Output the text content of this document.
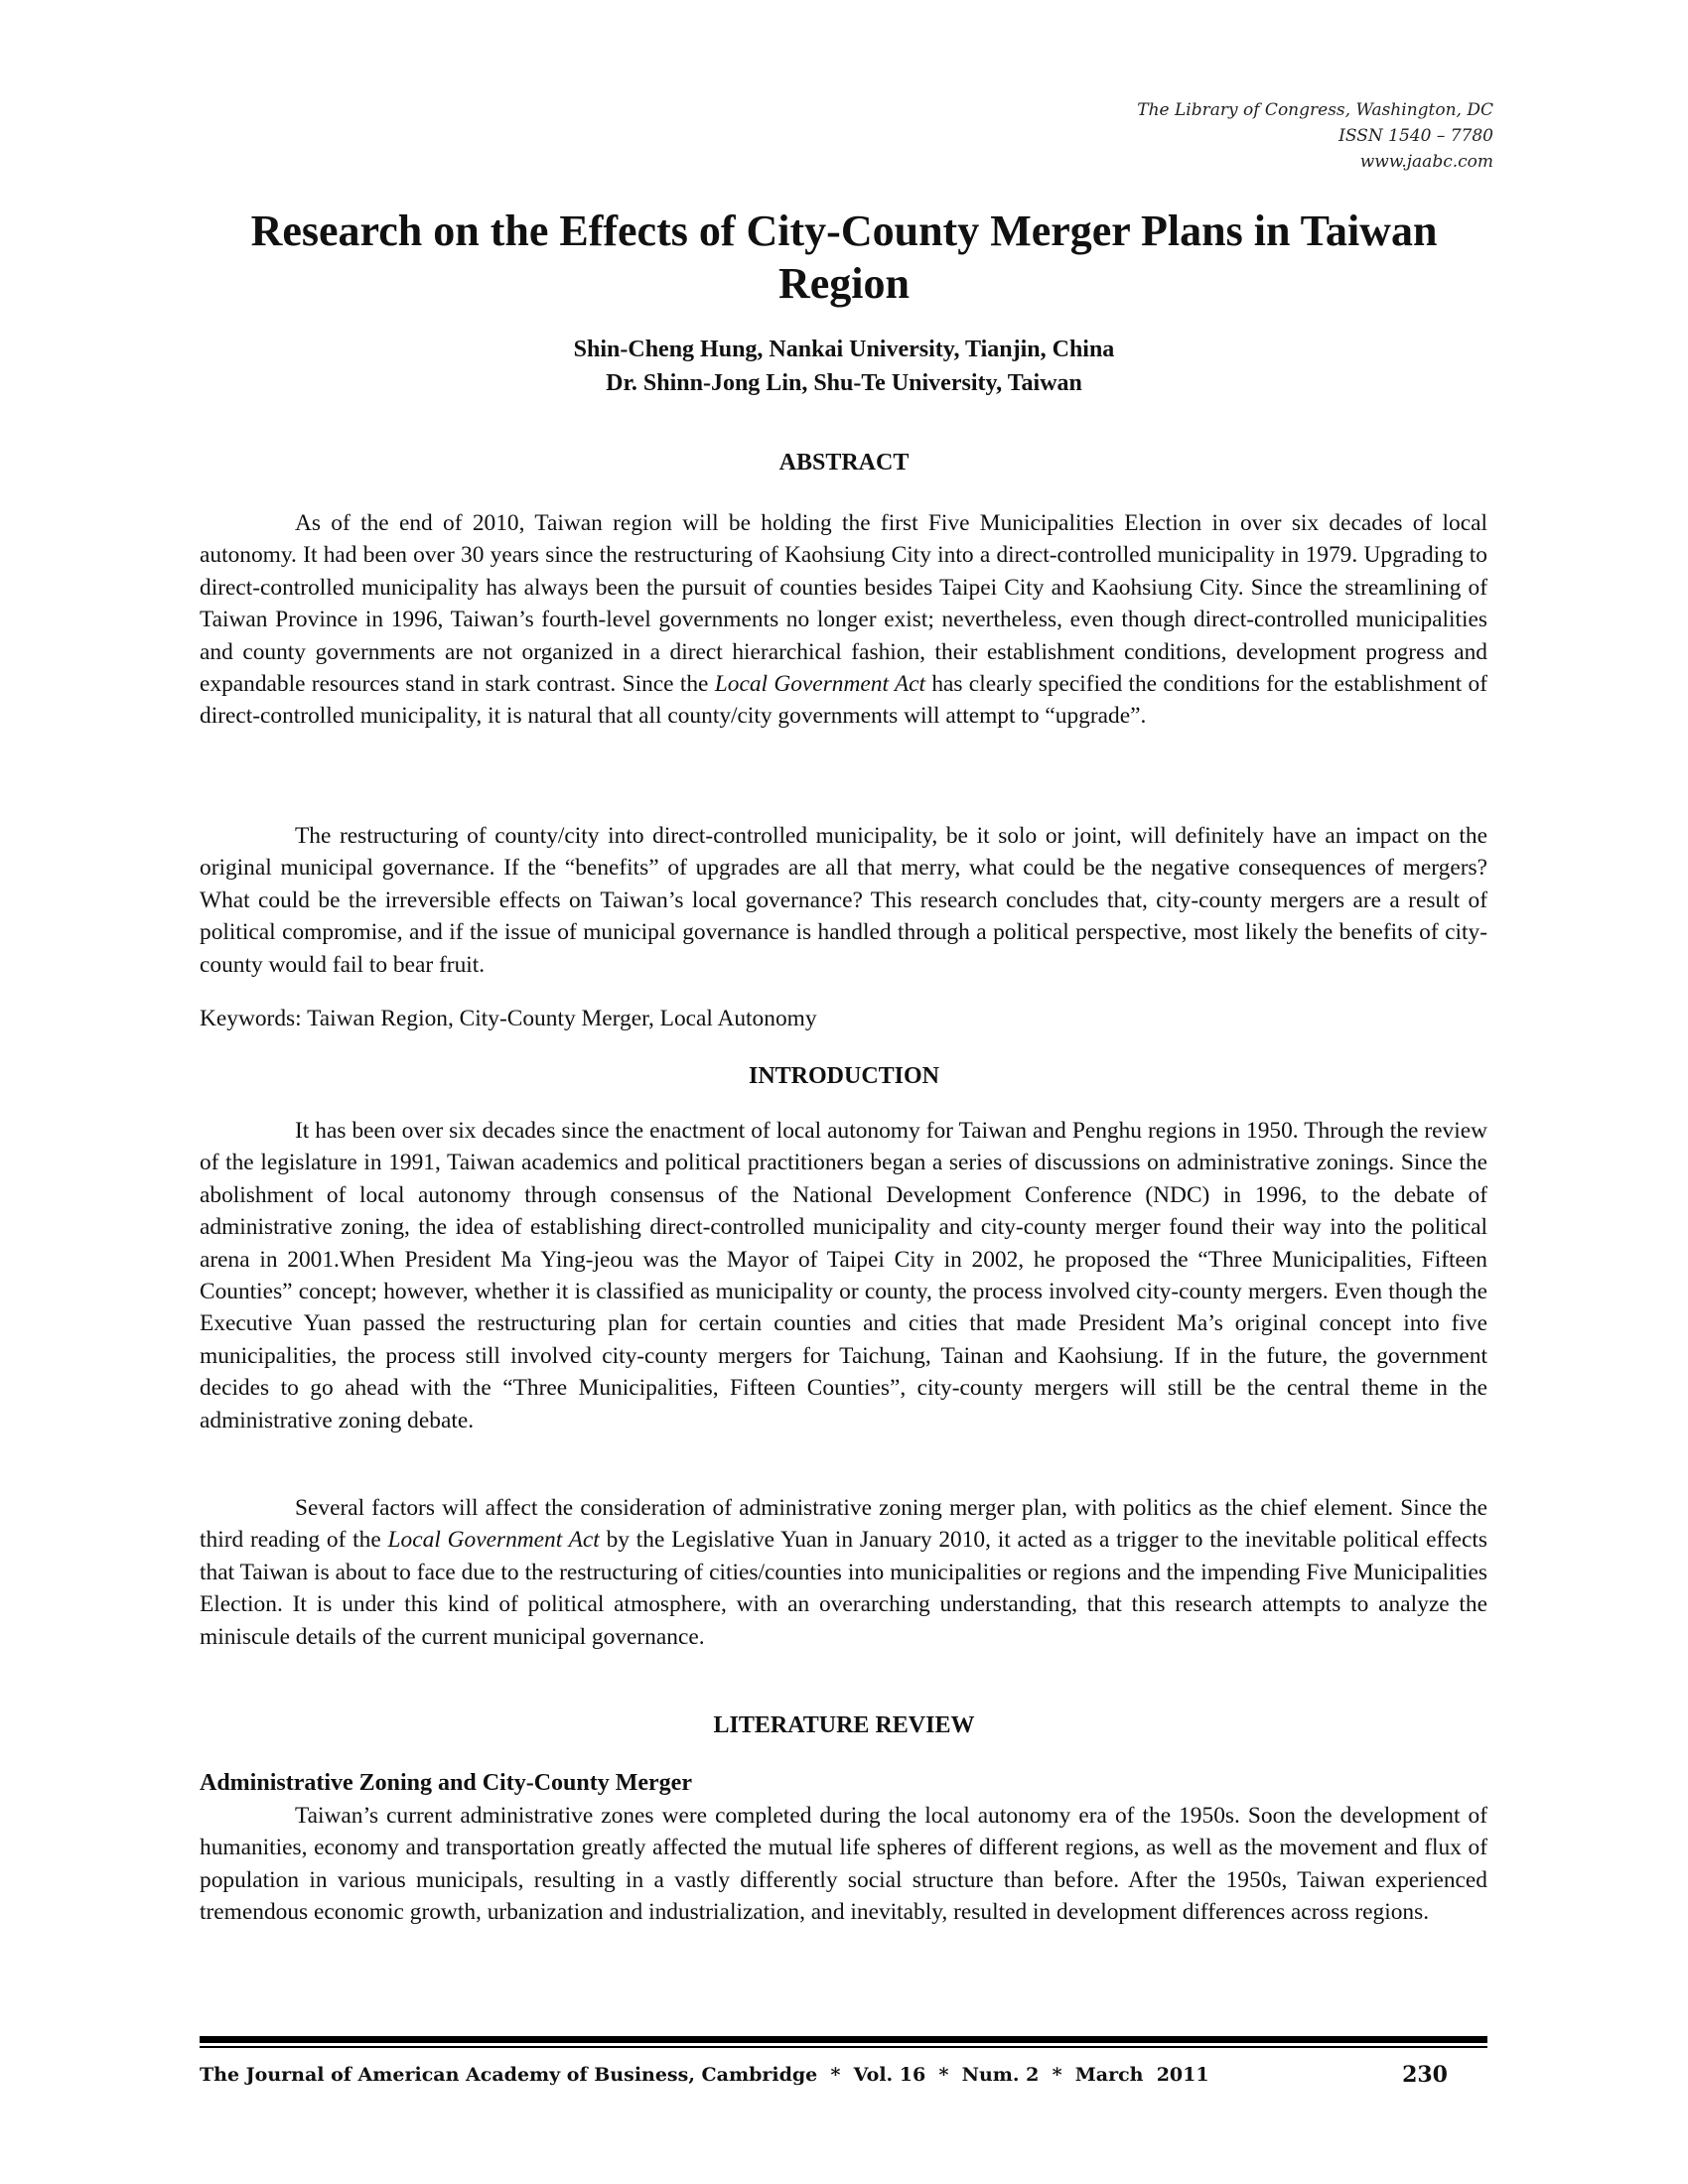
The Library of Congress, Washington, DC
ISSN 1540 – 7780
www.jaabc.com
Research on the Effects of City-County Merger Plans in Taiwan Region
Shin-Cheng Hung, Nankai University, Tianjin, China
Dr. Shinn-Jong Lin, Shu-Te University, Taiwan
ABSTRACT

As of the end of 2010, Taiwan region will be holding the first Five Municipalities Election in over six decades of local autonomy. It had been over 30 years since the restructuring of Kaohsiung City into a direct-controlled municipality in 1979. Upgrading to direct-controlled municipality has always been the pursuit of counties besides Taipei City and Kaohsiung City. Since the streamlining of Taiwan Province in 1996, Taiwan’s fourth-level governments no longer exist; nevertheless, even though direct-controlled municipalities and county governments are not organized in a direct hierarchical fashion, their establishment conditions, development progress and expandable resources stand in stark contrast. Since the Local Government Act has clearly specified the conditions for the establishment of direct-controlled municipality, it is natural that all county/city governments will attempt to “upgrade”.

The restructuring of county/city into direct-controlled municipality, be it solo or joint, will definitely have an impact on the original municipal governance. If the “benefits” of upgrades are all that merry, what could be the negative consequences of mergers? What could be the irreversible effects on Taiwan’s local governance? This research concludes that, city-county mergers are a result of political compromise, and if the issue of municipal governance is handled through a political perspective, most likely the benefits of city-county would fail to bear fruit.

Keywords: Taiwan Region, City-County Merger, Local Autonomy

INTRODUCTION

It has been over six decades since the enactment of local autonomy for Taiwan and Penghu regions in 1950. Through the review of the legislature in 1991, Taiwan academics and political practitioners began a series of discussions on administrative zonings. Since the abolishment of local autonomy through consensus of the National Development Conference (NDC) in 1996, to the debate of administrative zoning, the idea of establishing direct-controlled municipality and city-county merger found their way into the political arena in 2001.When President Ma Ying-jeou was the Mayor of Taipei City in 2002, he proposed the “Three Municipalities, Fifteen Counties” concept; however, whether it is classified as municipality or county, the process involved city-county mergers. Even though the Executive Yuan passed the restructuring plan for certain counties and cities that made President Ma’s original concept into five municipalities, the process still involved city-county mergers for Taichung, Tainan and Kaohsiung. If in the future, the government decides to go ahead with the “Three Municipalities, Fifteen Counties”, city-county mergers will still be the central theme in the administrative zoning debate.

Several factors will affect the consideration of administrative zoning merger plan, with politics as the chief element. Since the third reading of the Local Government Act by the Legislative Yuan in January 2010, it acted as a trigger to the inevitable political effects that Taiwan is about to face due to the restructuring of cities/counties into municipalities or regions and the impending Five Municipalities Election. It is under this kind of political atmosphere, with an overarching understanding, that this research attempts to analyze the miniscule details of the current municipal governance.

LITERATURE REVIEW
Administrative Zoning and City-County Merger

Taiwan’s current administrative zones were completed during the local autonomy era of the 1950s. Soon the development of humanities, economy and transportation greatly affected the mutual life spheres of different regions, as well as the movement and flux of population in various municipals, resulting in a vastly differently social structure than before. After the 1950s, Taiwan experienced tremendous economic growth, urbanization and industrialization, and inevitably, resulted in development differences across regions.

The Journal of American Academy of Business, Cambridge  *  Vol. 16  *  Num. 2  *  March  2011	230
